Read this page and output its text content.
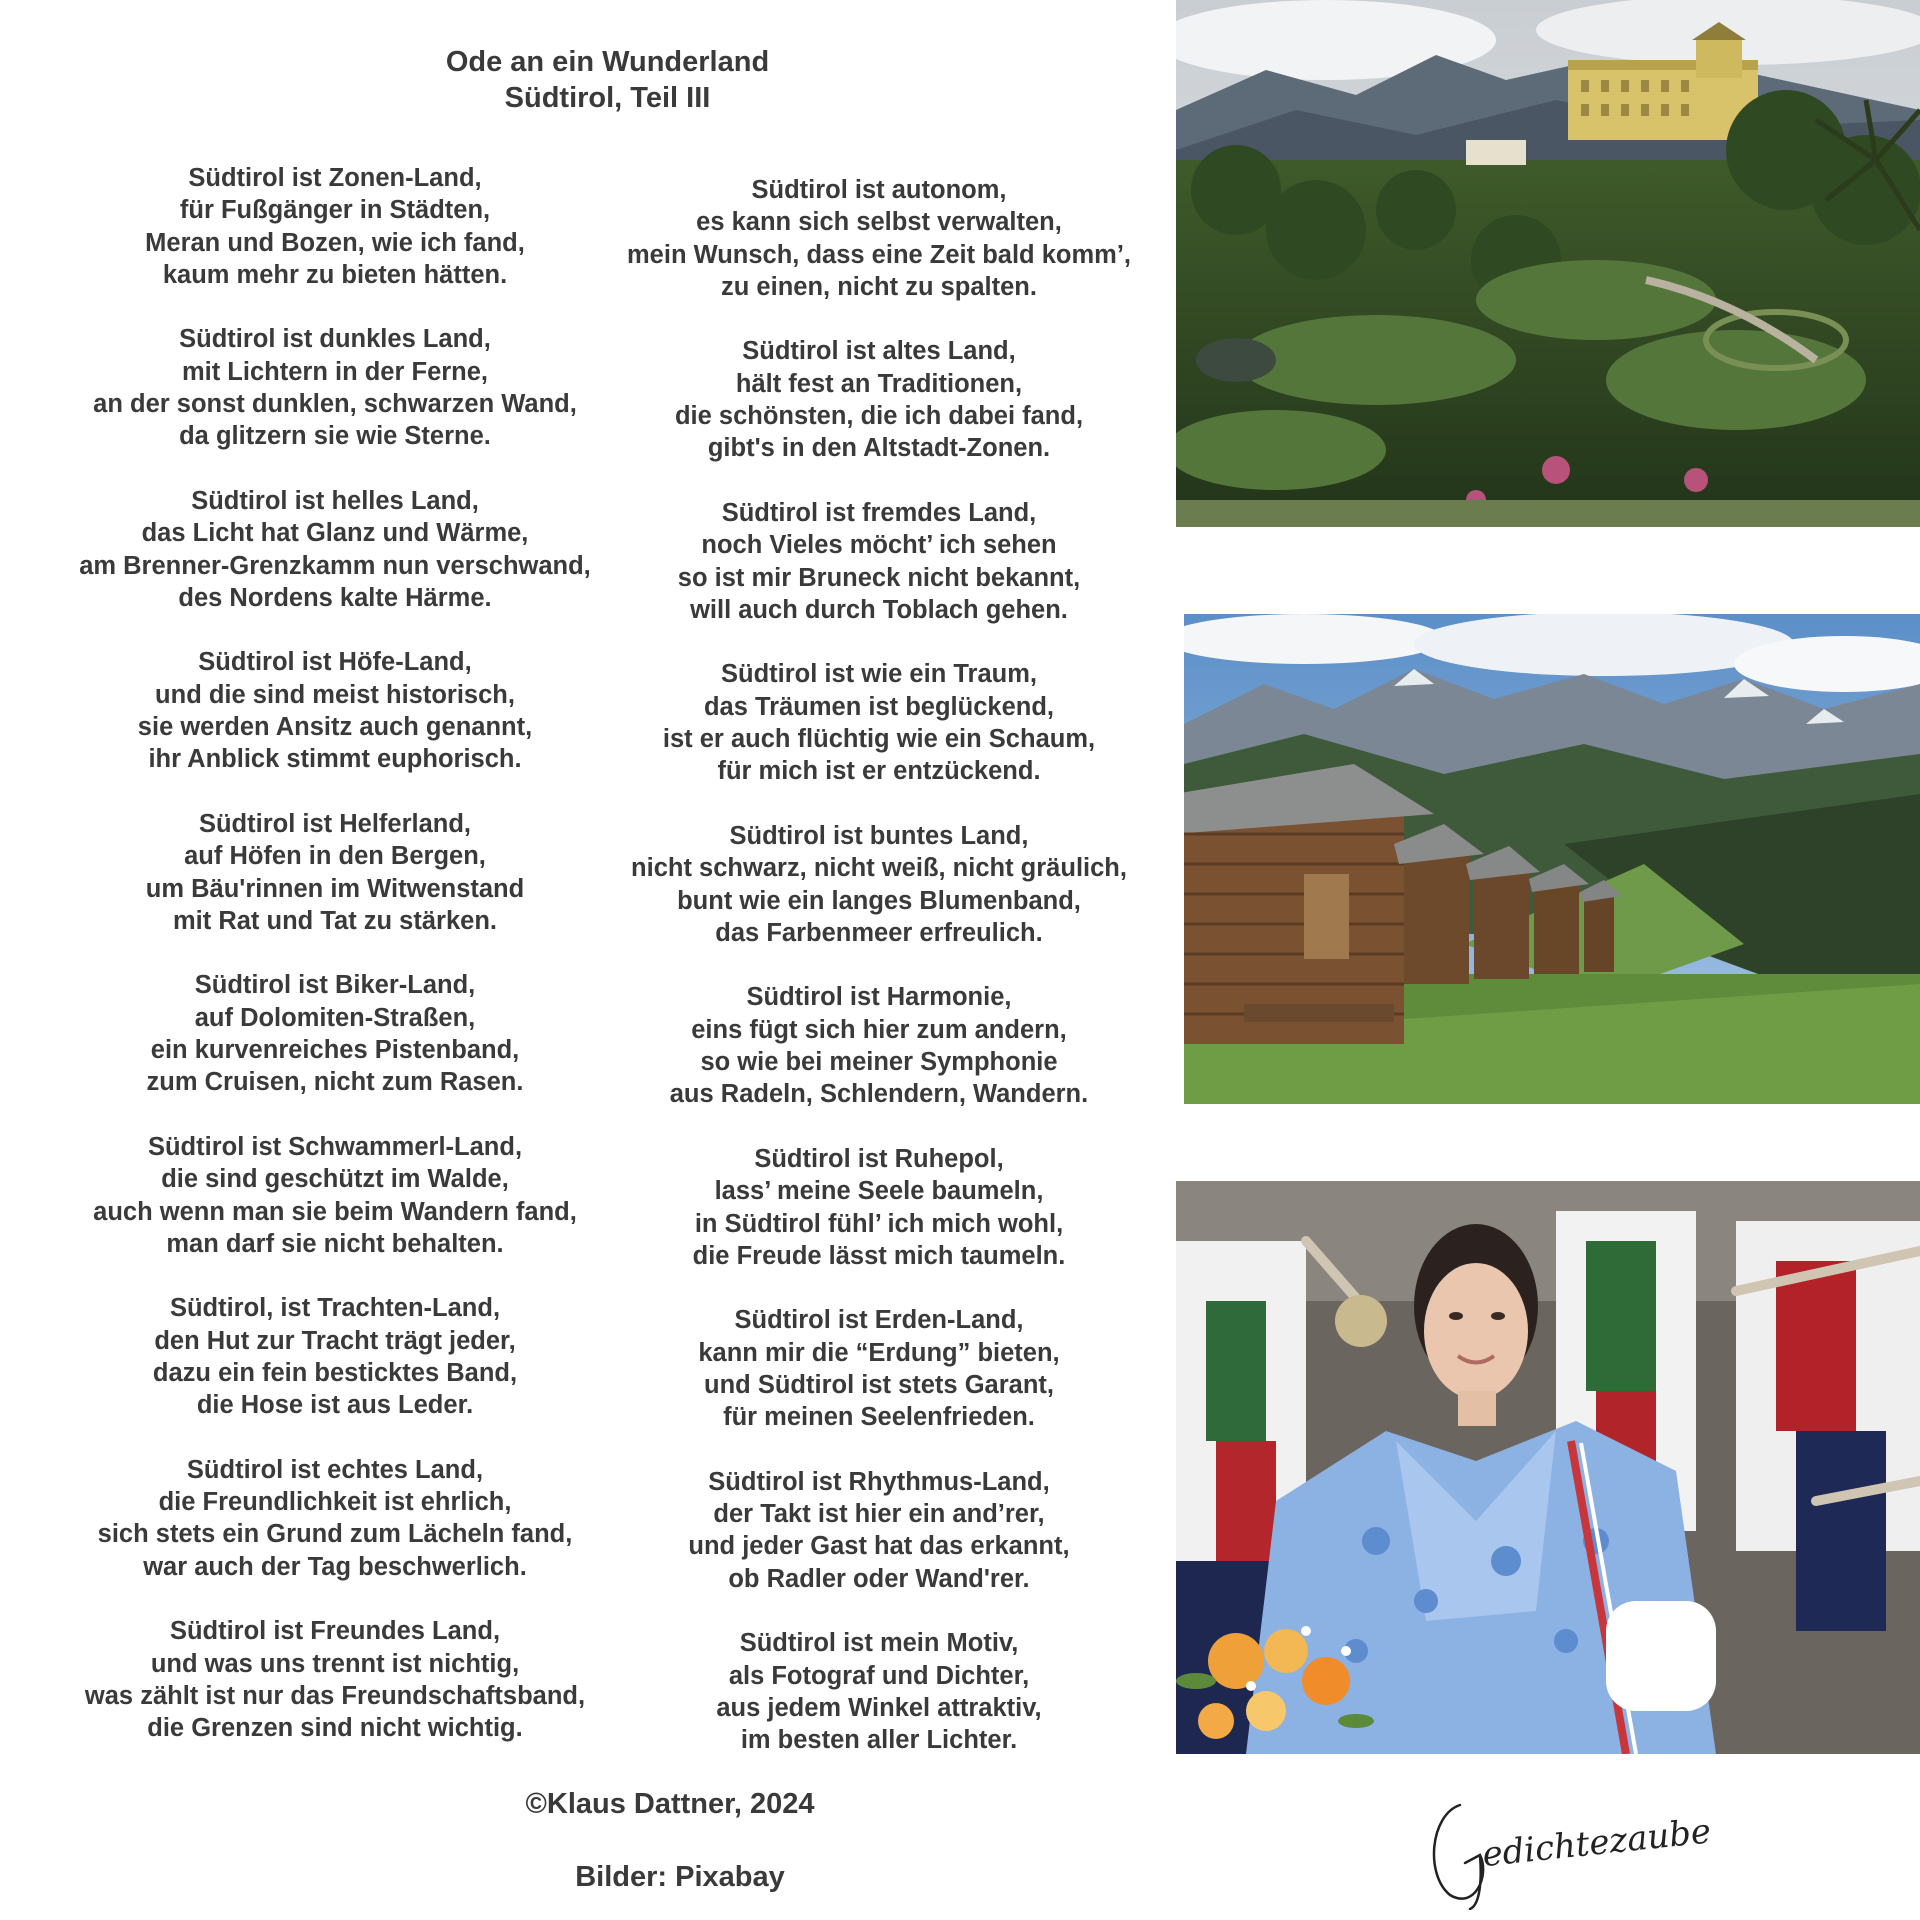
Ode an ein Wunderland
Südtirol, Teil III
Südtirol ist Zonen-Land,
für Fußgänger in Städten,
Meran und Bozen, wie ich fand,
kaum mehr zu bieten hätten.
Südtirol ist dunkles Land,
mit Lichtern in der Ferne,
an der sonst dunklen, schwarzen Wand,
da glitzern sie wie Sterne.
Südtirol ist helles Land,
das Licht hat Glanz und Wärme,
am Brenner-Grenzkamm nun verschwand,
des Nordens kalte Härme.
Südtirol ist Höfe-Land,
und die sind meist historisch,
sie werden Ansitz auch genannt,
ihr Anblick stimmt euphorisch.
Südtirol ist Helferland,
auf Höfen in den Bergen,
um Bäu'rinnen im Witwenstand
mit Rat und Tat zu stärken.
Südtirol ist Biker-Land,
auf Dolomiten-Straßen,
ein kurvenreiches Pistenband,
zum Cruisen, nicht zum Rasen.
Südtirol ist Schwammerl-Land,
die sind geschützt im Walde,
auch wenn man sie beim Wandern fand,
man darf sie nicht behalten.
Südtirol, ist Trachten-Land,
den Hut zur Tracht trägt jeder,
dazu ein fein besticktes Band,
die Hose ist aus Leder.
Südtirol ist echtes Land,
die Freundlichkeit ist ehrlich,
sich stets ein Grund zum Lächeln fand,
war auch der Tag beschwerlich.
Südtirol ist Freundes Land,
und was uns trennt ist nichtig,
was zählt ist nur das Freundschaftsband,
die Grenzen sind nicht wichtig.
Südtirol ist autonom,
es kann sich selbst verwalten,
mein Wunsch, dass eine Zeit bald komm’,
zu einen, nicht zu spalten.
Südtirol ist altes Land,
hält fest an Traditionen,
die schönsten, die ich dabei fand,
gibt's in den Altstadt-Zonen.
Südtirol ist fremdes Land,
noch Vieles möcht’ ich sehen
so ist mir Bruneck nicht bekannt,
will auch durch Toblach gehen.
Südtirol ist wie ein Traum,
das Träumen ist beglückend,
ist er auch flüchtig wie ein Schaum,
für mich ist er entzückend.
Südtirol ist buntes Land,
nicht schwarz, nicht weiß, nicht gräulich,
bunt wie ein langes Blumenband,
das Farbenmeer erfreulich.
Südtirol ist Harmonie,
eins fügt sich hier zum andern,
so wie bei meiner Symphonie
aus Radeln, Schlendern, Wandern.
Südtirol ist Ruhepol,
lass’ meine Seele baumeln,
in Südtirol fühl’ ich mich wohl,
die Freude lässt mich taumeln.
Südtirol ist Erden-Land,
kann mir die “Erdung” bieten,
und Südtirol ist stets Garant,
für meinen Seelenfrieden.
Südtirol ist Rhythmus-Land,
der Takt ist hier ein and’rer,
und jeder Gast hat das erkannt,
ob Radler oder Wand'rer.
Südtirol ist mein Motiv,
als Fotograf und Dichter,
aus jedem Winkel attraktiv,
im besten aller Lichter.
©Klaus Dattner, 2024
Bilder: Pixabay
edichtezauber
